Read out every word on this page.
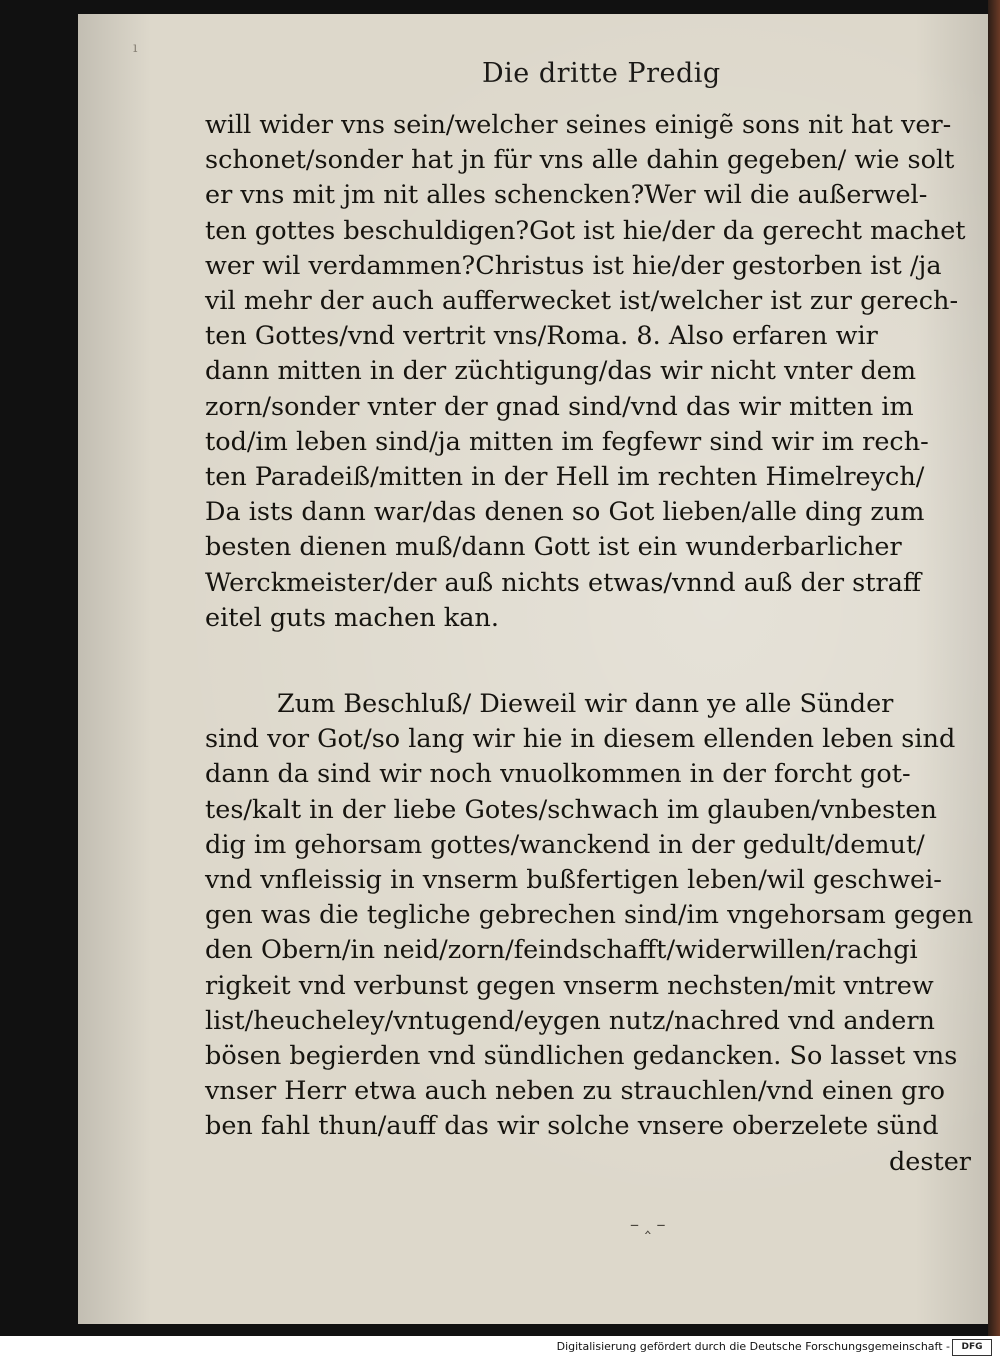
ı
Die dritte Predig
will wider vns sein/welcher seines einigẽ sons nit hat ver-
schonet/sonder hat jn für vns alle dahin gegeben/ wie solt
er vns mit jm nit alles schencken?Wer wil die außerwel-
ten gottes beschuldigen?Got ist hie/der da gerecht machet
wer wil verdammen?Christus ist hie/der gestorben ist /ja
vil mehr der auch aufferwecket ist/welcher ist zur gerech-
ten Gottes/vnd vertrit vns/Roma. 8. Also erfaren wir
dann mitten in der züchtigung/das wir nicht vnter dem
zorn/sonder vnter der gnad sind/vnd das wir mitten im
tod/im leben sind/ja mitten im fegfewr sind wir im rech-
ten Paradeiß/mitten in der Hell im rechten Himelreych/
Da ists dann war/das denen so Got lieben/alle ding zum
besten dienen muß/dann Gott ist ein wunderbarlicher
Werckmeister/der auß nichts etwas/vnnd auß der straff
eitel guts machen kan.
Zum Beschluß/ Dieweil wir dann ye alle Sünder
sind vor Got/so lang wir hie in diesem ellenden leben sind
dann da sind wir noch vnuolkommen in der forcht got-
tes/kalt in der liebe Gotes/schwach im glauben/vnbesten
dig im gehorsam gottes/wanckend in der gedult/demut/
vnd vnfleissig in vnserm bußfertigen leben/wil geschwei-
gen was die tegliche gebrechen sind/im vngehorsam gegen
den Obern/in neid/zorn/feindschafft/widerwillen/rachgi
rigkeit vnd verbunst gegen vnserm nechsten/mit vntrew
list/heucheley/vntugend/eygen nutz/nachred vnd andern
bösen begierden vnd sündlichen gedancken. So lasset vns
vnser Herr etwa auch neben zu strauchlen/vnd einen gro
ben fahl thun/auff das wir solche vnsere oberzelete sünd
dester
– ‸ –
Digitalisierung gefördert durch die Deutsche Forschungsgemeinschaft -	DFG
